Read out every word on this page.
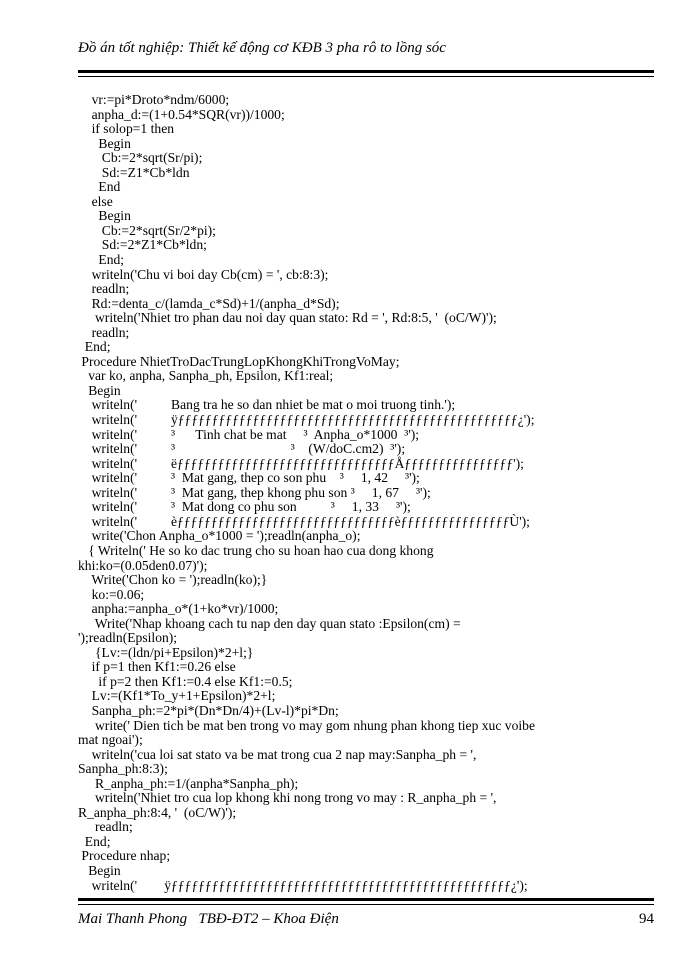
Đồ án tốt nghiệp: Thiết kế động cơ KĐB 3 pha rô to lồng sóc
vr:=pi*Droto*ndm/6000;
anpha_d:=(1+0.54*SQR(vr))/1000;
if solop=1 then
Begin
Cb:=2*sqrt(Sr/pi);
Sd:=Z1*Cb*ldn
End
else
Begin
Cb:=2*sqrt(Sr/2*pi);
Sd:=2*Z1*Cb*ldn;
End;
writeln('Chu vi boi day Cb(cm) = ', cb:8:3);
readln;
Rd:=denta_c/(lamda_c*Sd)+1/(anpha_d*Sd);
writeln('Nhiet tro phan dau noi day quan stato: Rd = ', Rd:8:5, '  (oC/W)');
readln;
End;
Procedure NhietTroDacTrungLopKhongKhiTrongVoMay;
var ko, anpha, Sanpha_ph, Epsilon, Kf1:real;
Begin
writeln('          Bang tra he so dan nhiet be mat o moi truong tinh.');
writeln('          ÿƒƒƒƒƒƒƒƒƒƒƒƒƒƒƒƒƒƒƒƒƒƒƒƒƒƒƒƒƒƒƒƒƒƒƒƒƒƒƒƒƒƒƒƒƒƒƒƒƒƒ¿');
writeln('          ³      Tinh chat be mat     ³  Anpha_o*1000  ³');
writeln('          ³                                  ³    (W/doC.cm2)  ³');
writeln('          ëƒƒƒƒƒƒƒƒƒƒƒƒƒƒƒƒƒƒƒƒƒƒƒƒƒƒƒƒƒƒƒƒÅƒƒƒƒƒƒƒƒƒƒƒƒƒƒƒƒ');
writeln('          ³  Mat gang, thep co son phu    ³     1, 42     ³');
writeln('          ³  Mat gang, thep khong phu son ³     1, 67     ³');
writeln('          ³  Mat dong co phu son          ³     1, 33     ³');
writeln('          èƒƒƒƒƒƒƒƒƒƒƒƒƒƒƒƒƒƒƒƒƒƒƒƒƒƒƒƒƒƒƒƒèƒƒƒƒƒƒƒƒƒƒƒƒƒƒƒƒÙ');
write('Chon Anpha_o*1000 = ');readln(anpha_o);
{ Writeln(' He so ko dac trung cho su hoan hao cua dong khong
khi:ko=(0.05den0.07)');
Write('Chon ko = ');readln(ko);}
ko:=0.06;
anpha:=anpha_o*(1+ko*vr)/1000;
Write('Nhap khoang cach tu nap den day quan stato :Epsilon(cm) =
');readln(Epsilon);
{Lv:=(ldn/pi+Epsilon)*2+l;}
if p=1 then Kf1:=0.26 else
if p=2 then Kf1:=0.4 else Kf1:=0.5;
Lv:=(Kf1*To_y+1+Epsilon)*2+l;
Sanpha_ph:=2*pi*(Dn*Dn/4)+(Lv-l)*pi*Dn;
write(' Dien tich be mat ben trong vo may gom nhung phan khong tiep xuc voibe
mat ngoai');
writeln('cua loi sat stato va be mat trong cua 2 nap may:Sanpha_ph = ',
Sanpha_ph:8:3);
R_anpha_ph:=1/(anpha*Sanpha_ph);
writeln('Nhiet tro cua lop khong khi nong trong vo may : R_anpha_ph = ',
R_anpha_ph:8:4, '  (oC/W)');
readln;
End;
Procedure nhap;
Begin
writeln('        ÿƒƒƒƒƒƒƒƒƒƒƒƒƒƒƒƒƒƒƒƒƒƒƒƒƒƒƒƒƒƒƒƒƒƒƒƒƒƒƒƒƒƒƒƒƒƒƒƒƒƒ¿');
Mai Thanh Phong TBĐ-ĐT2 – Khoa Điện	94
